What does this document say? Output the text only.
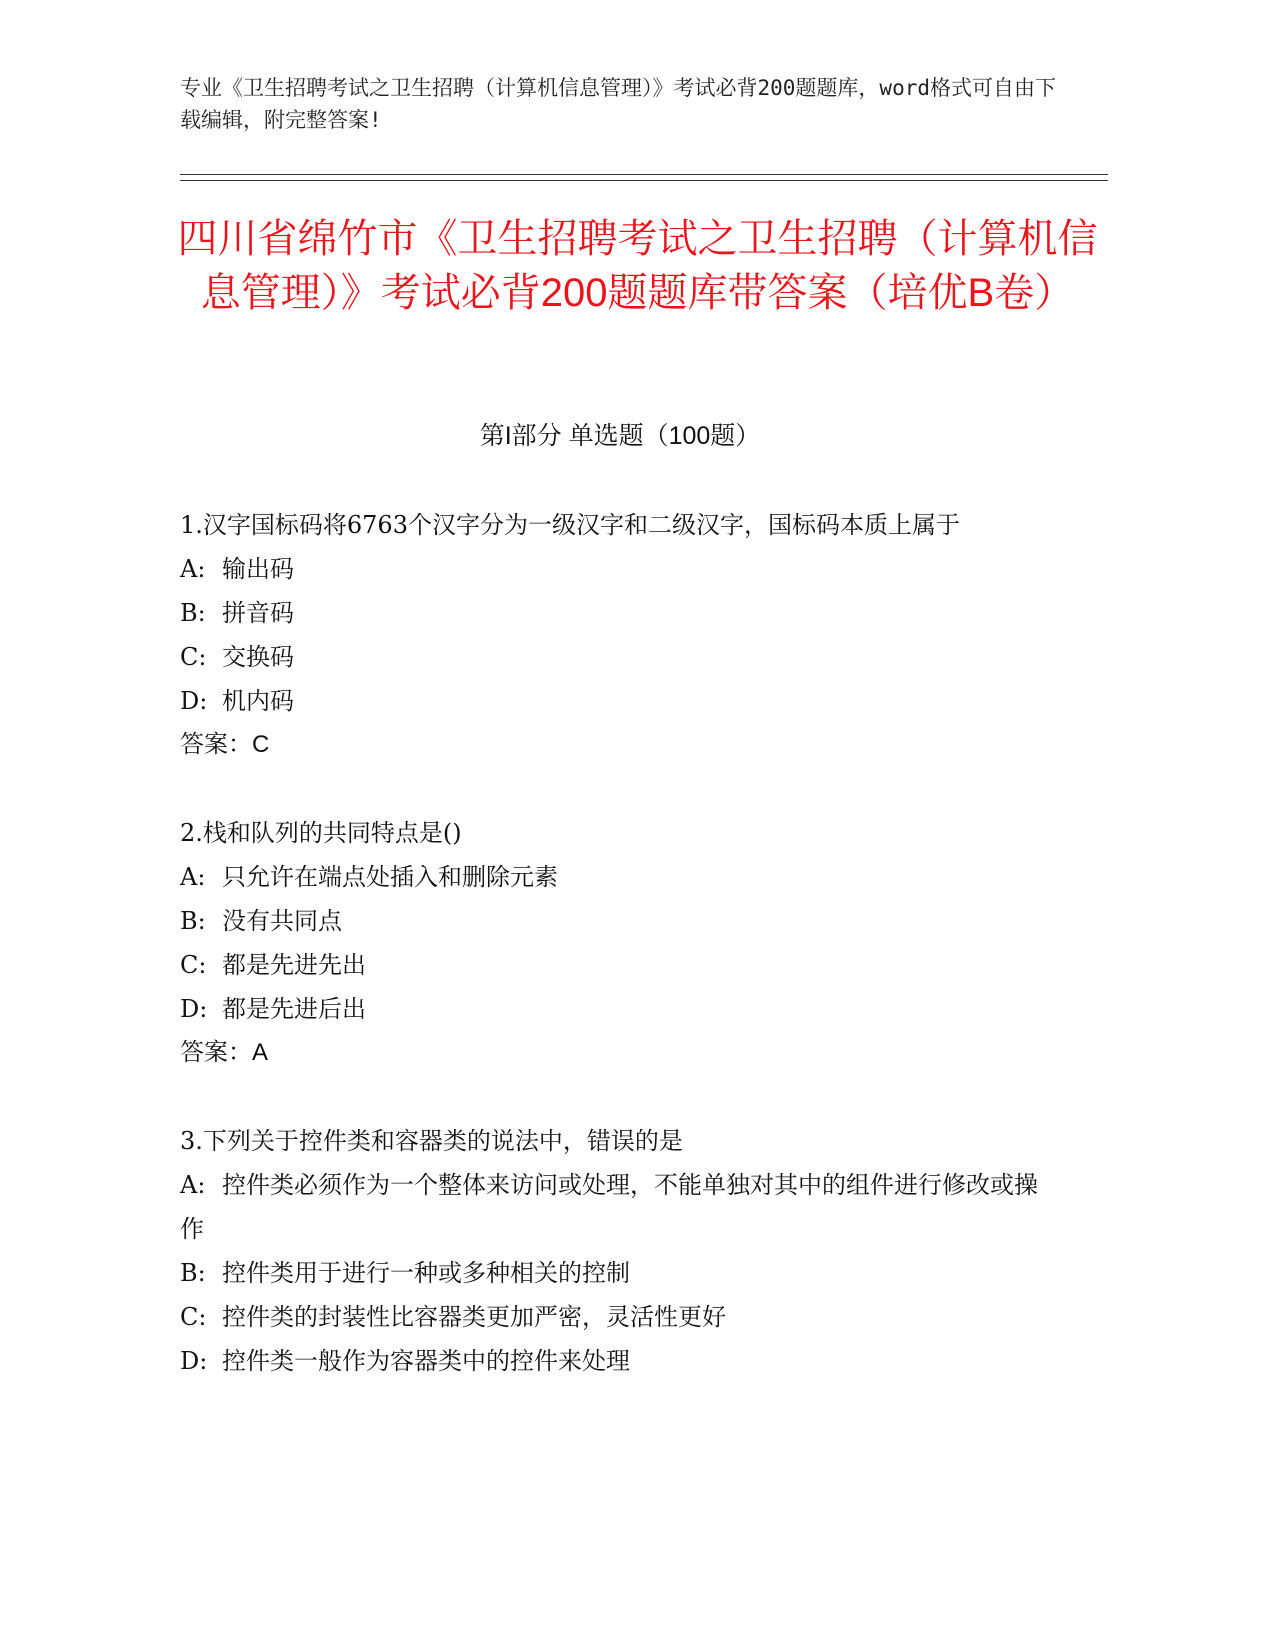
专业《卫生招聘考试之卫生招聘（计算机信息管理）》考试必背200题题库，word格式可自由下载编辑，附完整答案!
四川省绵竹市《卫生招聘考试之卫生招聘（计算机信息管理）》考试必背200题题库带答案（培优B卷）
第I部分 单选题（100题）

1.汉字国标码将6763个汉字分为一级汉字和二级汉字，国标码本质上属于

A: 输出码

B: 拼音码

C: 交换码

D: 机内码

答案：C

2.栈和队列的共同特点是()

A: 只允许在端点处插入和删除元素

B: 没有共同点

C: 都是先进先出

D: 都是先进后出

答案：A

3.下列关于控件类和容器类的说法中，错误的是

A: 控件类必须作为一个整体来访问或处理，不能单独对其中的组件进行修改或操作

B: 控件类用于进行一种或多种相关的控制

C: 控件类的封装性比容器类更加严密，灵活性更好

D: 控件类一般作为容器类中的控件来处理
